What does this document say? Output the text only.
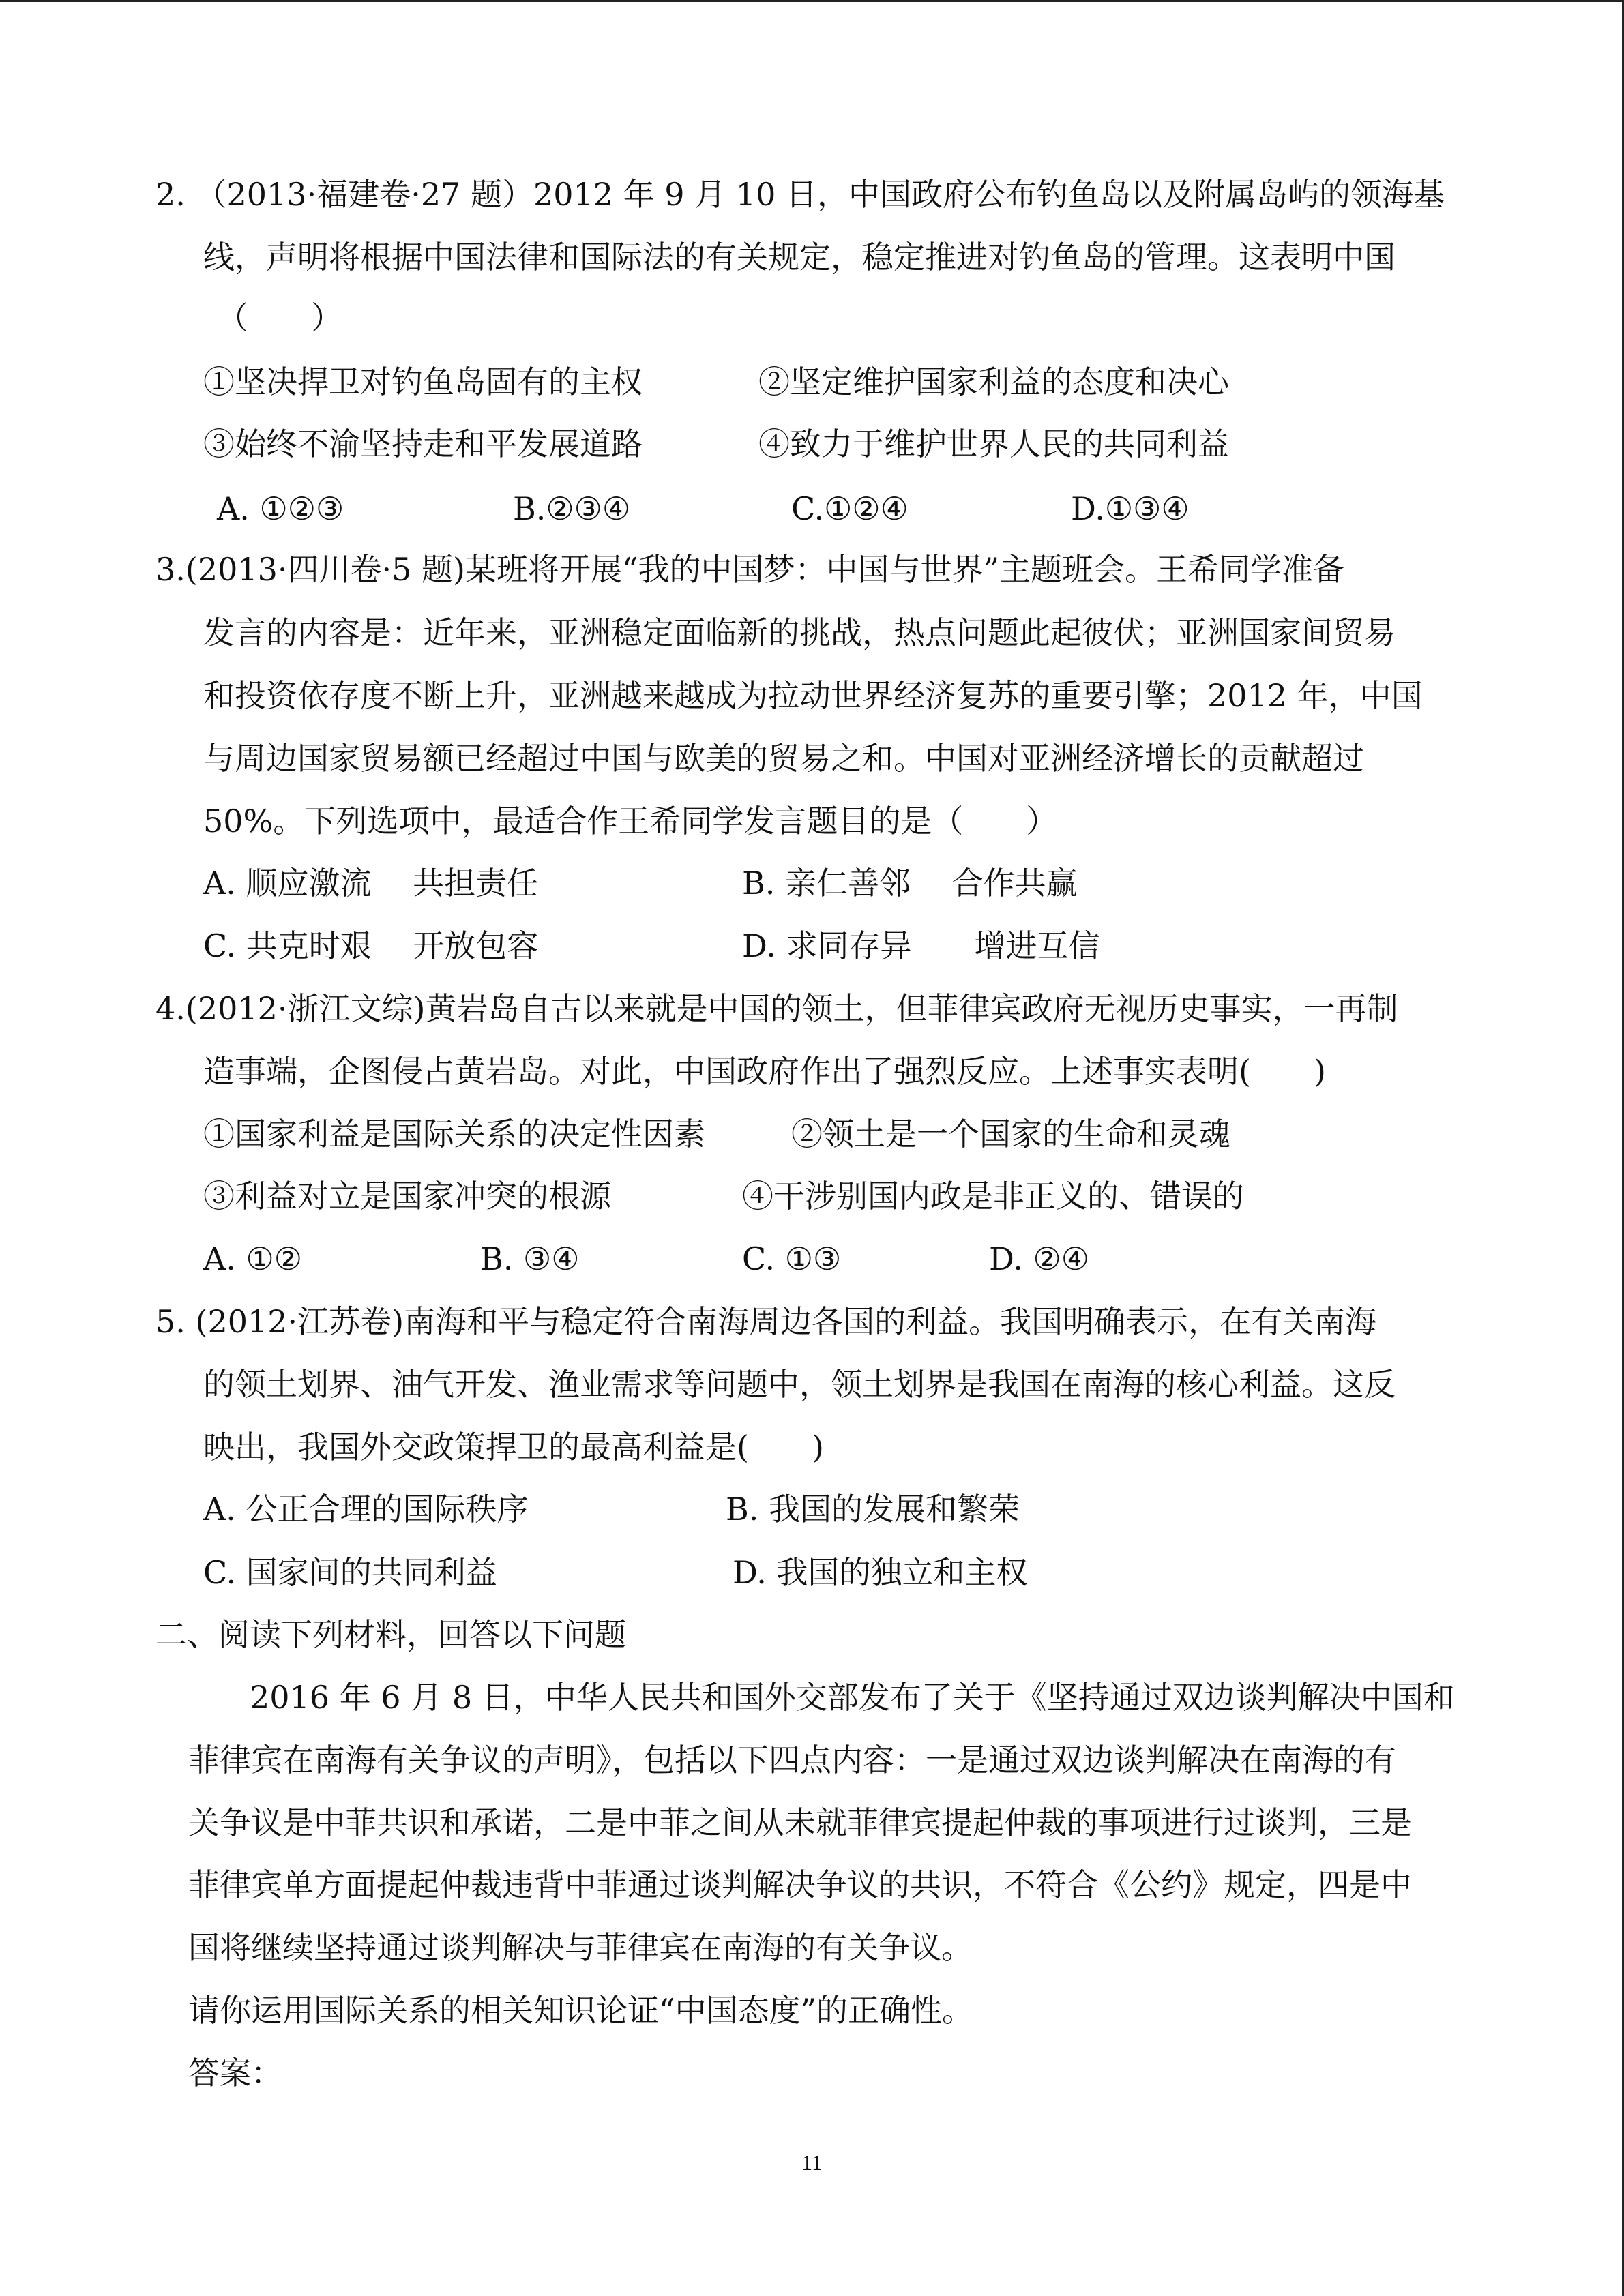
2. （2013·福建卷·27 题）2012 年 9 月 10 日，中国政府公布钓鱼岛以及附属岛屿的领海基
线，声明将根据中国法律和国际法的有关规定，稳定推进对钓鱼岛的管理。这表明中国
（　　）
①坚决捍卫对钓鱼岛固有的主权	②坚定维护国家利益的态度和决心
③始终不渝坚持走和平发展道路	④致力于维护世界人民的共同利益
A. ①②③	B.②③④	C.①②④	D.①③④
3.(2013·四川卷·5 题)某班将开展“我的中国梦：中国与世界”主题班会。王希同学准备
发言的内容是：近年来，亚洲稳定面临新的挑战，热点问题此起彼伏；亚洲国家间贸易
和投资依存度不断上升，亚洲越来越成为拉动世界经济复苏的重要引擎；2012 年，中国
与周边国家贸易额已经超过中国与欧美的贸易之和。中国对亚洲经济增长的贡献超过
50%。下列选项中，最适合作王希同学发言题目的是（　　）
A. 顺应激流　 共担责任	B. 亲仁善邻　 合作共赢
C. 共克时艰　 开放包容	D. 求同存异　　增进互信
4.(2012·浙江文综)黄岩岛自古以来就是中国的领土，但菲律宾政府无视历史事实，一再制
造事端，企图侵占黄岩岛。对此，中国政府作出了强烈反应。上述事实表明(　　)
①国家利益是国际关系的决定性因素	②领土是一个国家的生命和灵魂
③利益对立是国家冲突的根源	④干涉别国内政是非正义的、错误的
A. ①②	B. ③④	C. ①③	D. ②④
5. (2012·江苏卷)南海和平与稳定符合南海周边各国的利益。我国明确表示，在有关南海
的领土划界、油气开发、渔业需求等问题中，领土划界是我国在南海的核心利益。这反
映出，我国外交政策捍卫的最高利益是(　　)
A. 公正合理的国际秩序	B. 我国的发展和繁荣
C. 国家间的共同利益	D. 我国的独立和主权
二、阅读下列材料，回答以下问题
2016 年 6 月 8 日，中华人民共和国外交部发布了关于《坚持通过双边谈判解决中国和
菲律宾在南海有关争议的声明》，包括以下四点内容：一是通过双边谈判解决在南海的有
关争议是中菲共识和承诺，二是中菲之间从未就菲律宾提起仲裁的事项进行过谈判，三是
菲律宾单方面提起仲裁违背中菲通过谈判解决争议的共识，不符合《公约》规定，四是中
国将继续坚持通过谈判解决与菲律宾在南海的有关争议。
请你运用国际关系的相关知识论证“中国态度”的正确性。
答案：
11
